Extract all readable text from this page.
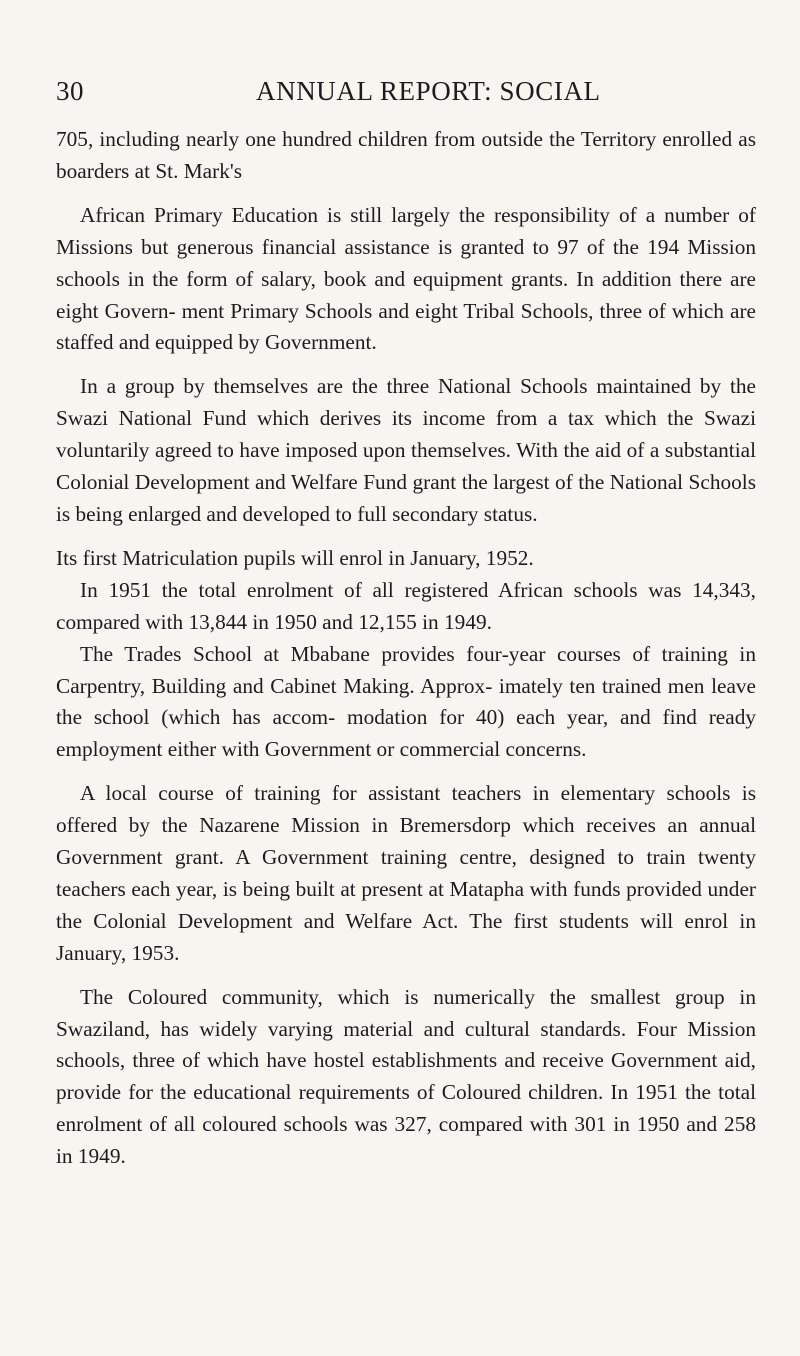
30	ANNUAL REPORT: SOCIAL

705, including nearly one hundred children from outside the Territory enrolled as boarders at St. Mark's

African Primary Education is still largely the responsibility of a number of Missions but generous financial assistance is granted to 97 of the 194 Mission schools in the form of salary, book and equipment grants. In addition there are eight Govern‐ ment Primary Schools and eight Tribal Schools, three of which are staffed and equipped by Government.

In a group by themselves are the three National Schools maintained by the Swazi National Fund which derives its income from a tax which the Swazi voluntarily agreed to have imposed upon themselves. With the aid of a substantial Colonial Development and Welfare Fund grant the largest of the National Schools is being enlarged and developed to full secondary status.

Its first Matriculation pupils will enrol in January, 1952.

In 1951 the total enrolment of all registered African schools was 14,343, compared with 13,844 in 1950 and 12,155 in 1949.

The Trades School at Mbabane provides four‐year courses of training in Carpentry, Building and Cabinet Making. Approx‐ imately ten trained men leave the school (which has accom‐ modation for 40) each year, and find ready employment either with Government or commercial concerns.

A local course of training for assistant teachers in elementary schools is offered by the Nazarene Mission in Bremersdorp which receives an annual Government grant. A Government training centre, designed to train twenty teachers each year, is being built at present at Matapha with funds provided under the Colonial Development and Welfare Act. The first students will enrol in January, 1953.

The Coloured community, which is numerically the smallest group in Swaziland, has widely varying material and cultural standards. Four Mission schools, three of which have hostel establishments and receive Government aid, provide for the educational requirements of Coloured children. In 1951 the total enrolment of all coloured schools was 327, compared with 301 in 1950 and 258 in 1949.
